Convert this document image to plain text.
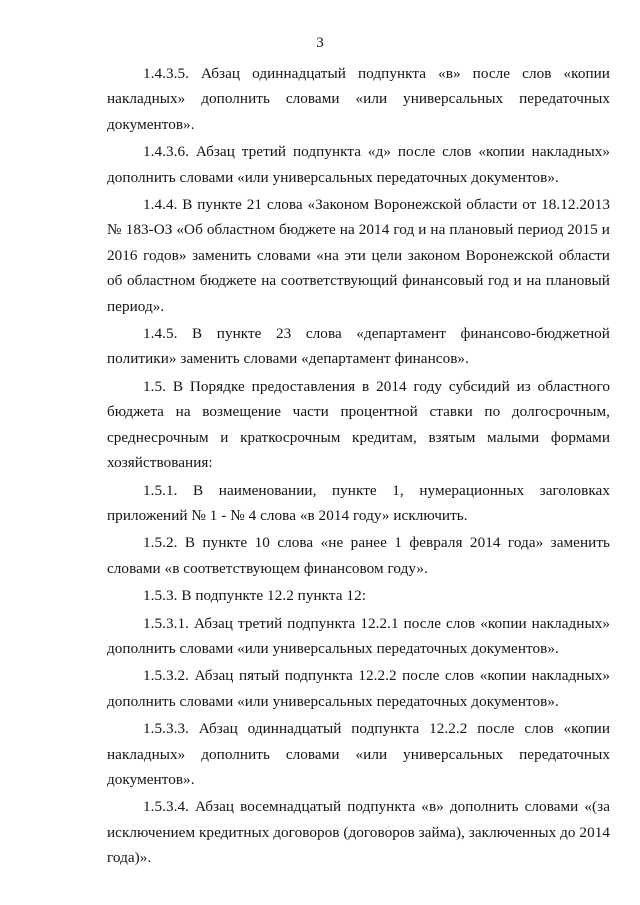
3

1.4.3.5. Абзац одиннадцатый подпункта «в» после слов «копии накладных» дополнить словами «или универсальных передаточных документов».

1.4.3.6. Абзац третий подпункта «д» после слов «копии накладных» дополнить словами «или универсальных передаточных документов».

1.4.4. В пункте 21 слова «Законом Воронежской области от 18.12.2013 № 183-ОЗ «Об областном бюджете на 2014 год и на плановый период 2015 и 2016 годов» заменить словами «на эти цели законом Воронежской области об областном бюджете на соответствующий финансовый год и на плановый период».

1.4.5. В пункте 23 слова «департамент финансово-бюджетной политики» заменить словами «департамент финансов».

1.5. В Порядке предоставления в 2014 году субсидий из областного бюджета на возмещение части процентной ставки по долгосрочным, среднесрочным и краткосрочным кредитам, взятым малыми формами хозяйствования:

1.5.1. В наименовании, пункте 1, нумерационных заголовках приложений № 1 - № 4 слова «в 2014 году» исключить.

1.5.2. В пункте 10 слова «не ранее 1 февраля 2014 года» заменить словами «в соответствующем финансовом году».

1.5.3. В подпункте 12.2 пункта 12:

1.5.3.1. Абзац третий подпункта 12.2.1 после слов «копии накладных» дополнить словами «или универсальных передаточных документов».

1.5.3.2. Абзац пятый подпункта 12.2.2 после слов «копии накладных» дополнить словами «или универсальных передаточных документов».

1.5.3.3. Абзац одиннадцатый подпункта 12.2.2 после слов «копии накладных» дополнить словами «или универсальных передаточных документов».

1.5.3.4. Абзац восемнадцатый подпункта «в» дополнить словами «(за исключением кредитных договоров (договоров займа), заключенных до 2014 года)».
